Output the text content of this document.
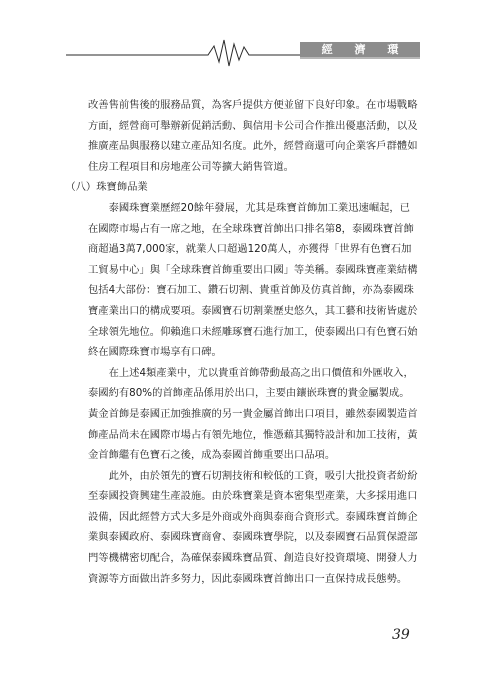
經 濟 環 境

改善售前售後的服務品質，為客戶提供方便並留下良好印象。在市場戰略方面，經營商可舉辦新促銷活動、與信用卡公司合作推出優惠活動，以及推廣產品與服務以建立產品知名度。此外，經營商還可向企業客戶群體如住房工程項目和房地產公司等擴大銷售管道。

（八）珠寶飾品業

泰國珠寶業歷經20餘年發展，尤其是珠寶首飾加工業迅速崛起，已在國際市場占有一席之地，在全球珠寶首飾出口排名第8，泰國珠寶首飾商超過3萬7,000家，就業人口超過120萬人，亦獲得「世界有色寶石加工貿易中心」與「全球珠寶首飾重要出口國」等美稱。泰國珠寶產業結構包括4大部份：寶石加工、鑽石切割、貴重首飾及仿真首飾，亦為泰國珠寶產業出口的構成要項。泰國寶石切割業歷史悠久，其工藝和技術皆處於全球領先地位。仰賴進口未經雕琢寶石進行加工，使泰國出口有色寶石始終在國際珠寶市場享有口碑。

在上述4類產業中，尤以貴重首飾帶動最高之出口價值和外匯收入，泰國約有80%的首飾產品係用於出口，主要由鑲嵌珠寶的貴金屬製成。黃金首飾是泰國正加強推廣的另一貴金屬首飾出口項目，雖然泰國製造首飾產品尚未在國際市場占有領先地位，惟憑藉其獨特設計和加工技術，黃金首飾繼有色寶石之後，成為泰國首飾重要出口品項。

此外，由於領先的寶石切割技術和較低的工資，吸引大批投資者紛紛至泰國投資興建生產設施。由於珠寶業是資本密集型產業，大多採用進口設備，因此經營方式大多是外商或外商與泰商合資形式。泰國珠寶首飾企業與泰國政府、泰國珠寶商會、泰國珠寶學院，以及泰國寶石品質保證部門等機構密切配合，為確保泰國珠寶品質、創造良好投資環境、開發人力資源等方面做出許多努力，因此泰國珠寶首飾出口一直保持成長態勢。

39
